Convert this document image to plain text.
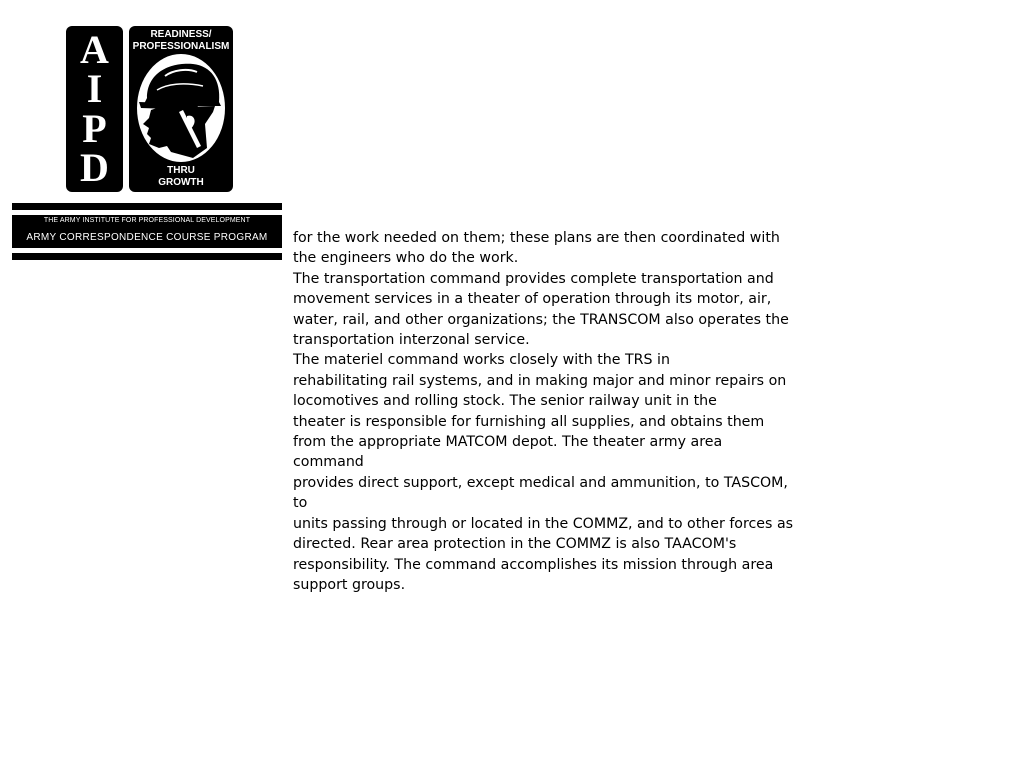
A
I
P
D
READINESS/
PROFESSIONALISM
THRU
GROWTH
THE ARMY INSTITUTE FOR PROFESSIONAL DEVELOPMENT
ARMY CORRESPONDENCE COURSE PROGRAM	for the work needed on them; these plans are then coordinated with
the engineers who do the work.
The transportation command provides complete transportation and
movement services in a theater of operation through its motor, air,
water, rail, and other organizations; the TRANSCOM also operates the
transportation interzonal service.
The materiel command works closely with the TRS in
rehabilitating rail systems, and in making major and minor repairs on
locomotives and rolling stock. The senior railway unit in the
theater is responsible for furnishing all supplies, and obtains them
from the appropriate MATCOM depot. The theater army area
command
provides direct support, except medical and ammunition, to TASCOM,
to
units passing through or located in the COMMZ, and to other forces as
directed. Rear area protection in the COMMZ is also TAACOM's
responsibility. The command accomplishes its mission through area
support groups.
